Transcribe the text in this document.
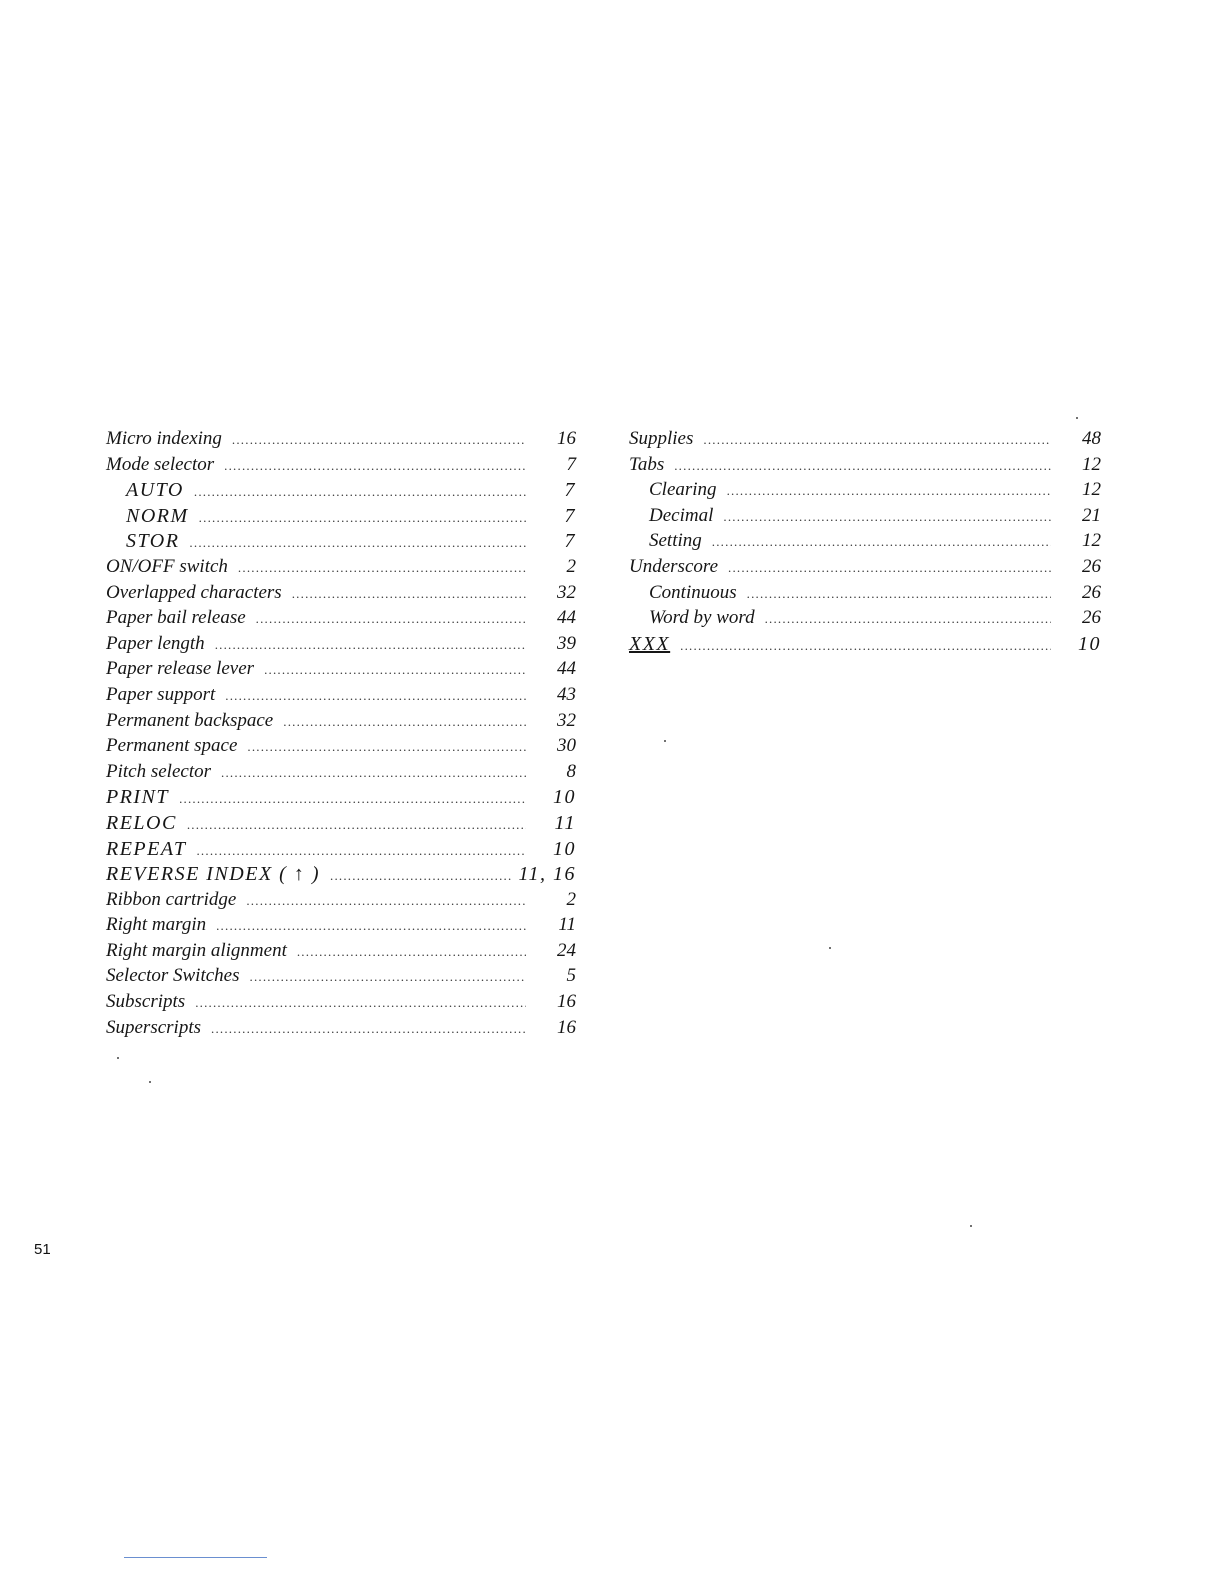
Micro indexing .....	16
Mode selector .....	7
AUTO .....	7
NORM .....	7
STOR .....	7
ON/OFF switch .....	2
Overlapped characters .....	32
Paper bail release .....	44
Paper length .....	39
Paper release lever .....	44
Paper support .....	43
Permanent backspace .....	32
Permanent space .....	30
Pitch selector .....	8
PRINT .....	10
RELOC .....	11
REPEAT .....	10
REVERSE INDEX ( ↑ ) .....	11, 16
Ribbon cartridge .....	2
Right margin .....	11
Right margin alignment .....	24
Selector Switches .....	5
Subscripts .....	16
Superscripts .....	16
Supplies .....	48
Tabs .....	12
Clearing .....	12
Decimal .....	21
Setting .....	12
Underscore .....	26
Continuous .....	26
Word by word .....	26
XXX .....	10
51
